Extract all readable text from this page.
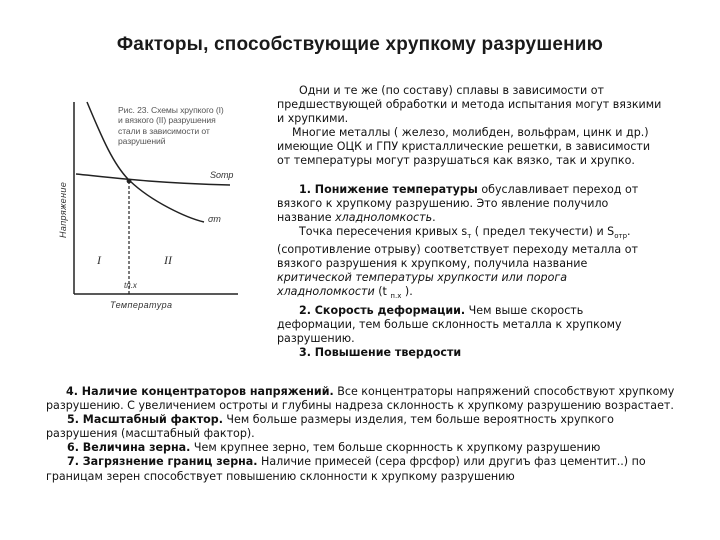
Факторы, способствующие хрупкому разрушению
Sотр
σт
I	II
tп.х
Напряжение
Температура
Рис. 23. Схемы хрупкого (I)
и вязкого (II) разрушения
стали в зависимости от
разрушений

Одни и те же (по составу) сплавы в зависимости от предшествующей обработки и метода испытания могут вязкими и хрупкими.

Многие металлы ( железо, молибден, вольфрам, цинк и др.) имеющие ОЦК и ГПУ кристаллические решетки, в зависимости от температуры могут разрушаться как вязко, так и хрупко.

1. Понижение температуры обуславливает переход от вязкого к хрупкому разрушению. Это явление получило название хладноломкость.

Точка пересечения кривых $s_т$ ( предел текучести) и $S_{отр}$. (сопротивление отрыву) соответствует переходу металла от вязкого разрушения к хрупкому, получила название критической температуры хрупкости или порога хладноломкости (t $_{п.х}$ ).

2. Скорость деформации. Чем выше скорость деформации, тем больше склонность металла к хрупкому разрушению.

3. Повышение твердости

4. Наличие концентраторов напряжений. Все концентраторы напряжений способствуют хрупкому разрушению. С увеличением остроты и глубины надреза склонность к хрупкому разрушению возрастает.

5. Масштабный фактор. Чем больше размеры изделия, тем больше вероятность хрупкого разрушения (масштабный фактор).

6. Величина зерна. Чем крупнее зерно, тем больше скорнность к хрупкому разрушению

7. Загрязнение границ зерна. Наличие примесей (сера фрсфор) или другиъ фаз цементит..) по границам зерен способствует повышению склонности к хрупкому разрушению
